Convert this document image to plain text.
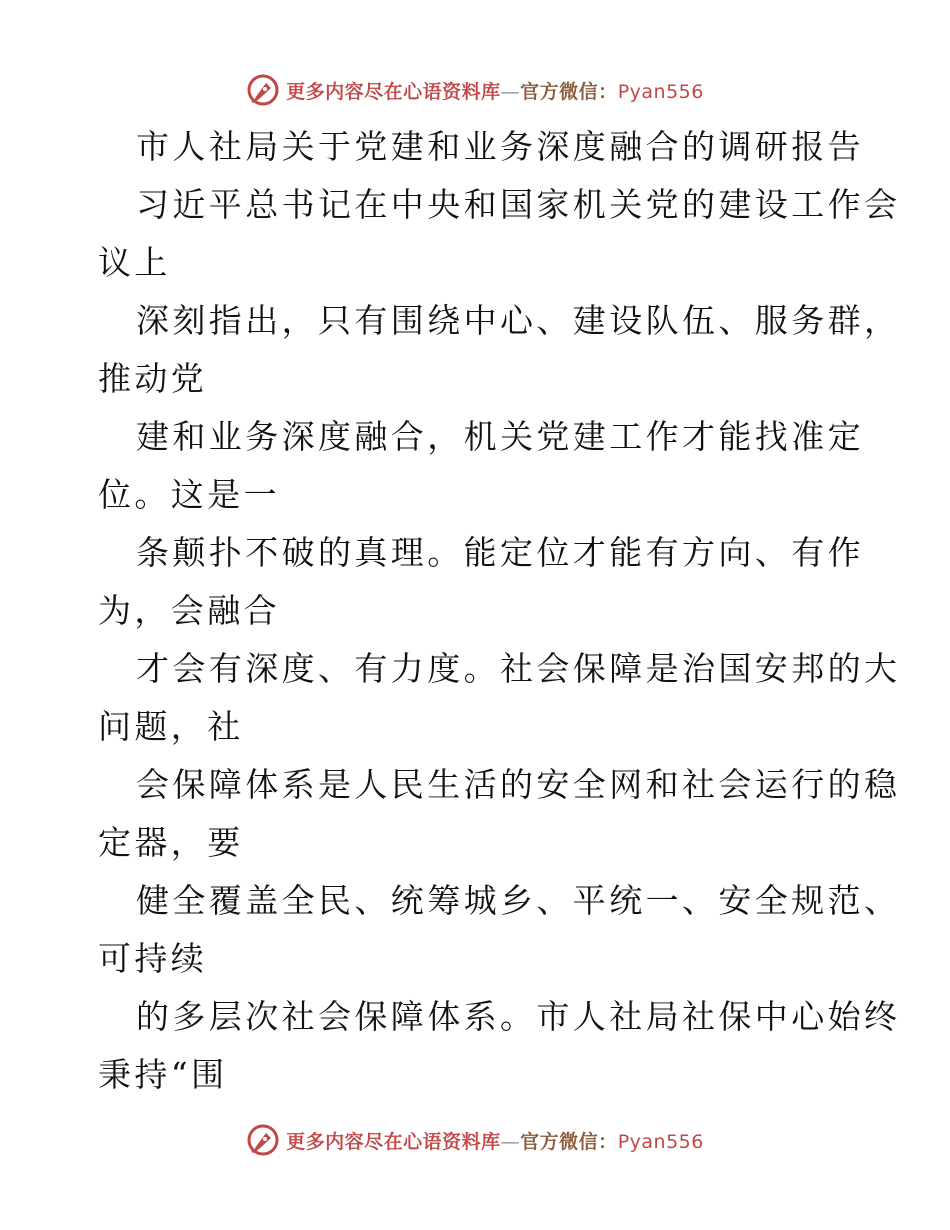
更多内容尽在心语资料库—官方微信：Pyan556
市人社局关于党建和业务深度融合的调研报告
习近平总书记在中央和国家机关党的建设工作会
议上
深刻指出，只有围绕中心、建设队伍、服务群，
推动党
建和业务深度融合，机关党建工作才能找准定
位。这是一
条颠扑不破的真理。能定位才能有方向、有作
为，会融合
才会有深度、有力度。社会保障是治国安邦的大
问题，社
会保障体系是人民生活的安全网和社会运行的稳
定器，要
健全覆盖全民、统筹城乡、平统一、安全规范、
可持续
的多层次社会保障体系。市人社局社保中心始终
秉持“围
更多内容尽在心语资料库—官方微信：Pyan556
